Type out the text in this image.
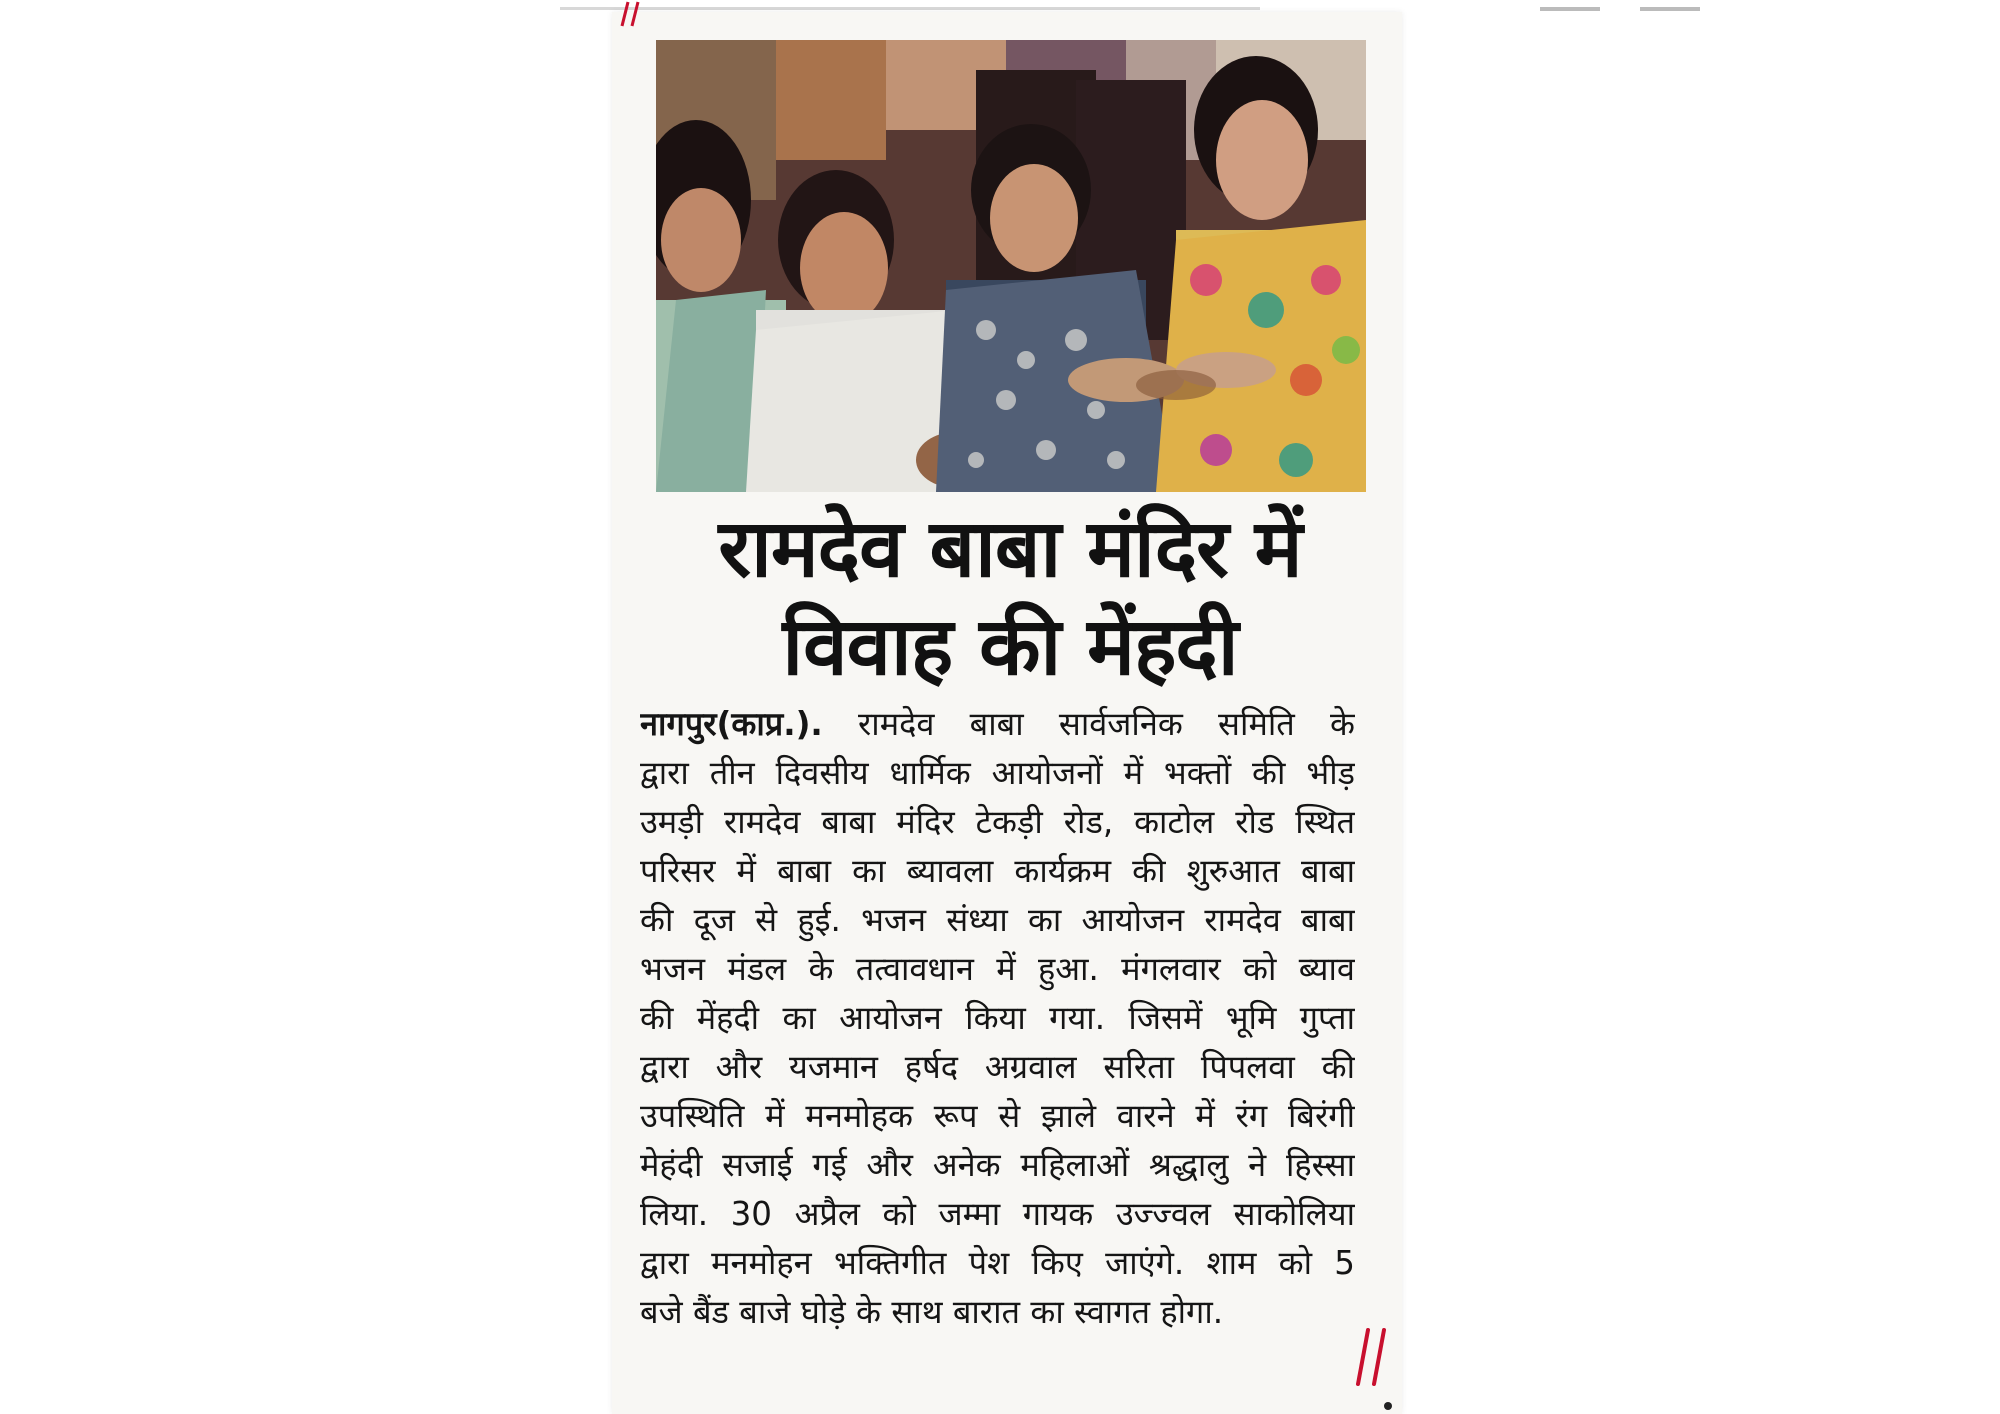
रामदेव बाबा मंदिर में
विवाह की मेंहदी
नागपुर(काप्र.). रामदेव बाबा सार्वजनिक समिति के
द्वारा तीन दिवसीय धार्मिक आयोजनों में भक्तों की भीड़
उमड़ी रामदेव बाबा मंदिर टेकड़ी रोड, काटोल रोड स्थित
परिसर में बाबा का ब्यावला कार्यक्रम की शुरुआत बाबा
की दूज से हुई. भजन संध्या का आयोजन रामदेव बाबा
भजन मंडल के तत्वावधान में हुआ. मंगलवार को ब्याव
की मेंहदी का आयोजन किया गया. जिसमें भूमि गुप्ता
द्वारा और यजमान हर्षद अग्रवाल सरिता पिपलवा की
उपस्थिति में मनमोहक रूप से झाले वारने में रंग बिरंगी
मेहंदी सजाई गई और अनेक महिलाओं श्रद्धालु ने हिस्सा
लिया. 30 अप्रैल को जम्मा गायक उज्ज्वल साकोलिया
द्वारा मनमोहन भक्तिगीत पेश किए जाएंगे. शाम को 5
बजे बैंड बाजे घोड़े के साथ बारात का स्वागत होगा.
